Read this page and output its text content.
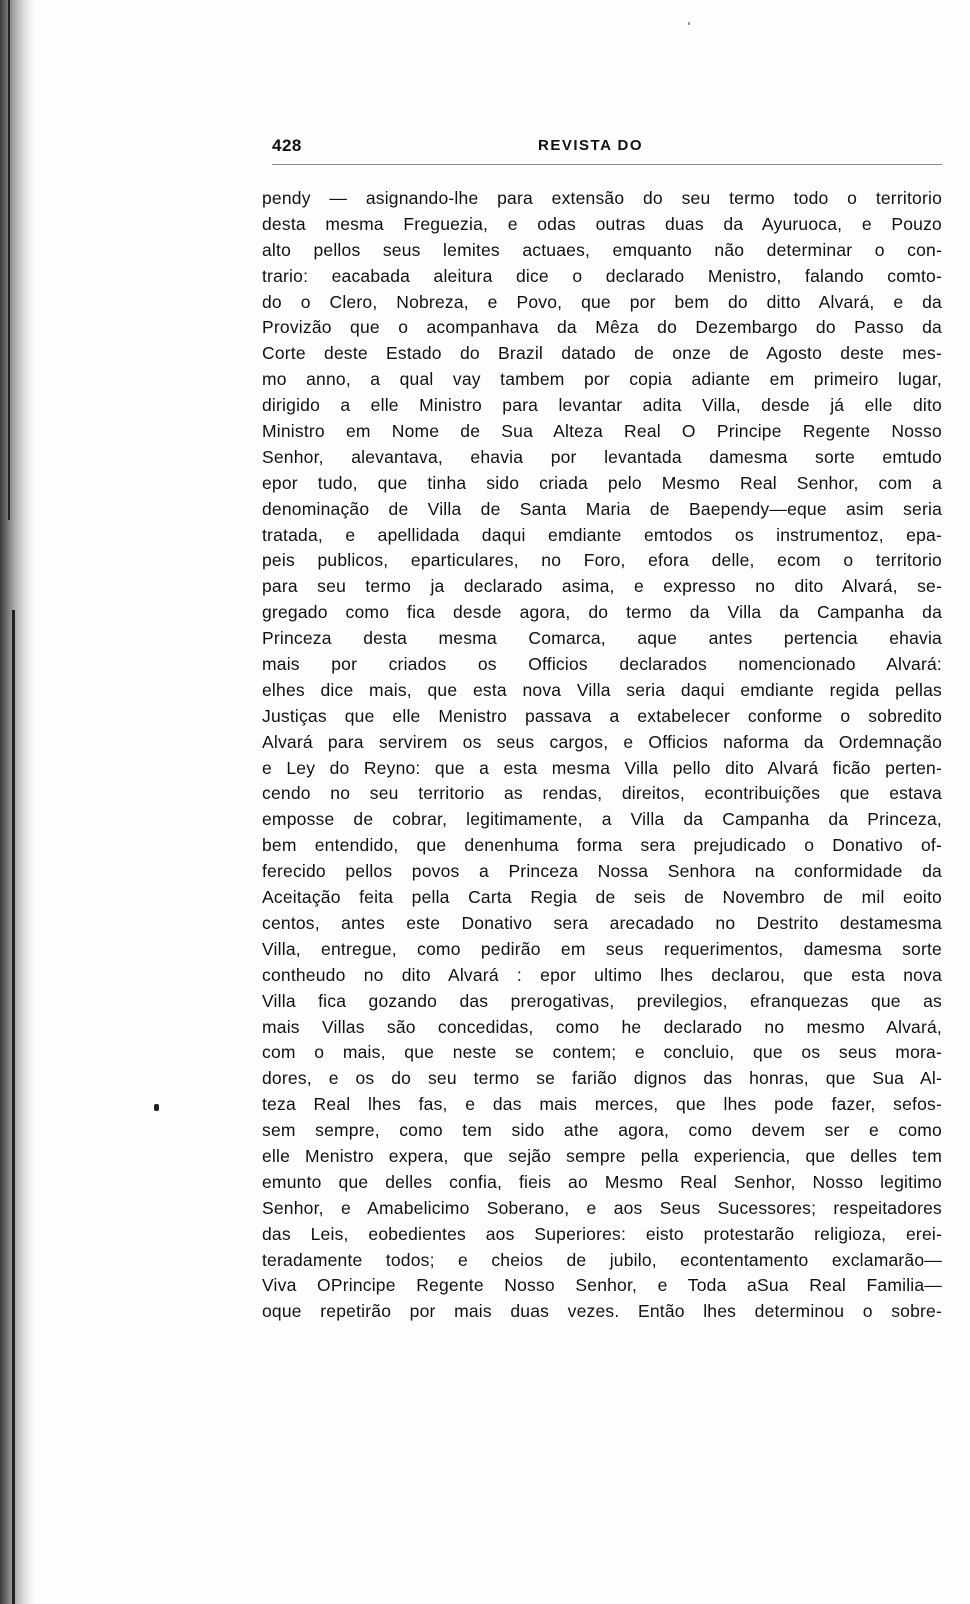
428	REVISTA DO
pendy — asignando-lhe para extensão do seu termo todo o territorio
desta mesma Freguezia, e odas outras duas da Ayuruoca, e Pouzo
alto pellos seus lemites actuaes, emquanto não determinar o con-
trario: eacabada aleitura dice o declarado Menistro, falando comto-
do o Clero, Nobreza, e Povo, que por bem do ditto Alvará, e da
Provizão que o acompanhava da Mêza do Dezembargo do Passo da
Corte deste Estado do Brazil datado de onze de Agosto deste mes-
mo anno, a qual vay tambem por copia adiante em primeiro lugar,
dirigido a elle Ministro para levantar adita Villa, desde já elle dito
Ministro em Nome de Sua Alteza Real O Principe Regente Nosso
Senhor, alevantava, ehavia por levantada damesma sorte emtudo
epor tudo, que tinha sido criada pelo Mesmo Real Senhor, com a
denominação de Villa de Santa Maria de Baependy—eque asim seria
tratada, e apellidada daqui emdiante emtodos os instrumentoz, epa-
peis publicos, eparticulares, no Foro, efora delle, ecom o territorio
para seu termo ja declarado asima, e expresso no dito Alvará, se-
gregado como fica desde agora, do termo da Villa da Campanha da
Princeza desta mesma Comarca, aque antes pertencia ehavia
mais por criados os Officios declarados nomencionado Alvará:
elhes dice mais, que esta nova Villa seria daqui emdiante regida pellas
Justiças que elle Menistro passava a extabelecer conforme o sobredito
Alvará para servirem os seus cargos, e Officios naforma da Ordemnação
e Ley do Reyno: que a esta mesma Villa pello dito Alvará ficão perten-
cendo no seu territorio as rendas, direitos, econtribuições que estava
emposse de cobrar, legitimamente, a Villa da Campanha da Princeza,
bem entendido, que denenhuma forma sera prejudicado o Donativo of-
ferecido pellos povos a Princeza Nossa Senhora na conformidade da
Aceitação feita pella Carta Regia de seis de Novembro de mil eoito
centos, antes este Donativo sera arecadado no Destrito destamesma
Villa, entregue, como pedirão em seus requerimentos, damesma sorte
contheudo no dito Alvará : epor ultimo lhes declarou, que esta nova
Villa fica gozando das prerogativas, previlegios, efranquezas que as
mais Villas são concedidas, como he declarado no mesmo Alvará,
com o mais, que neste se contem; e concluio, que os seus mora-
dores, e os do seu termo se farião dignos das honras, que Sua Al-
teza Real lhes fas, e das mais merces, que lhes pode fazer, sefos-
sem sempre, como tem sido athe agora, como devem ser e como
elle Menistro expera, que sejão sempre pella experiencia, que delles tem
emunto que delles confia, fieis ao Mesmo Real Senhor, Nosso legitimo
Senhor, e Amabelicimo Soberano, e aos Seus Sucessores; respeitadores
das Leis, eobedientes aos Superiores: eisto protestarão religioza, erei-
teradamente todos; e cheios de jubilo, econtentamento exclamarão—
Viva OPrincipe Regente Nosso Senhor, e Toda aSua Real Familia—
oque repetirão por mais duas vezes. Então lhes determinou o sobre-
